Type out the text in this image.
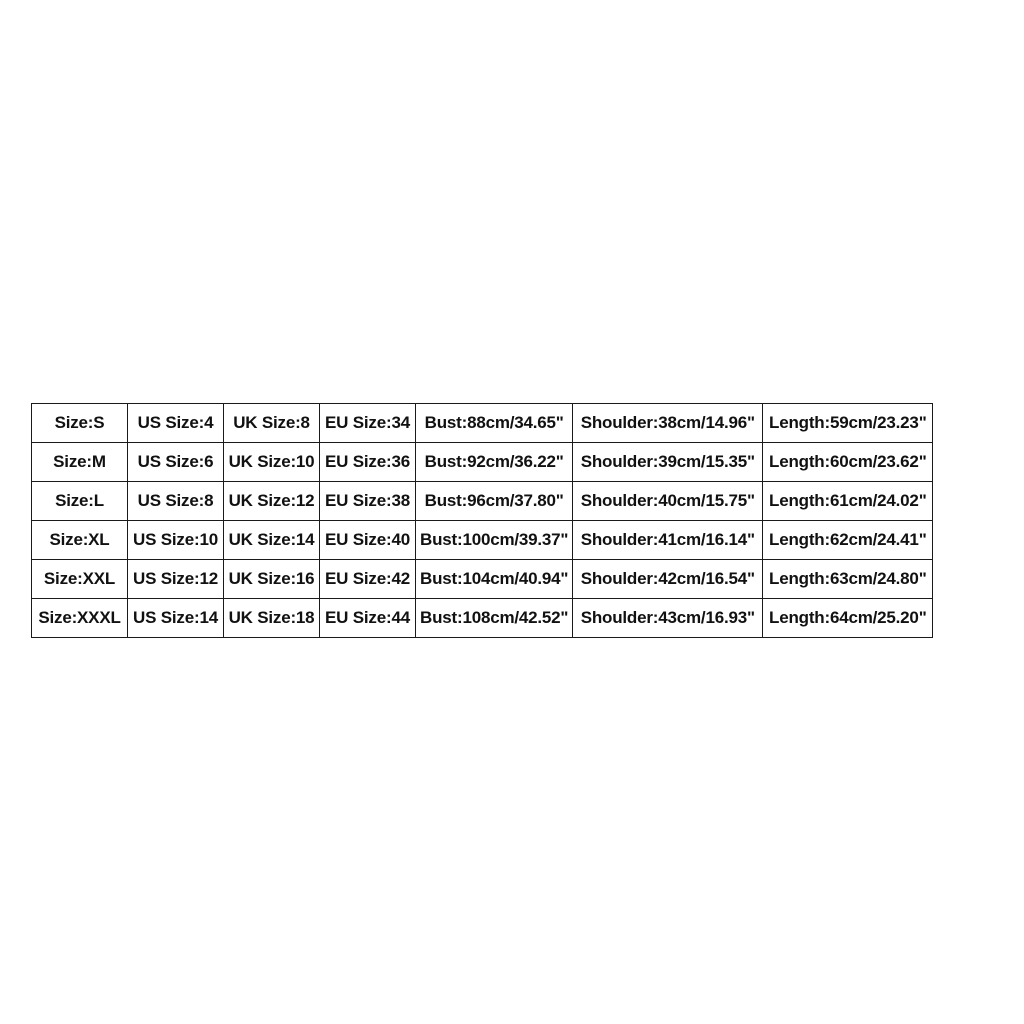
Size:S	US Size:4	UK Size:8	EU Size:34	Bust:88cm/34.65"	Shoulder:38cm/14.96"	Length:59cm/23.23"
Size:M	US Size:6	UK Size:10	EU Size:36	Bust:92cm/36.22"	Shoulder:39cm/15.35"	Length:60cm/23.62"
Size:L	US Size:8	UK Size:12	EU Size:38	Bust:96cm/37.80"	Shoulder:40cm/15.75"	Length:61cm/24.02"
Size:XL	US Size:10	UK Size:14	EU Size:40	Bust:100cm/39.37"	Shoulder:41cm/16.14"	Length:62cm/24.41"
Size:XXL	US Size:12	UK Size:16	EU Size:42	Bust:104cm/40.94"	Shoulder:42cm/16.54"	Length:63cm/24.80"
Size:XXXL	US Size:14	UK Size:18	EU Size:44	Bust:108cm/42.52"	Shoulder:43cm/16.93"	Length:64cm/25.20"
